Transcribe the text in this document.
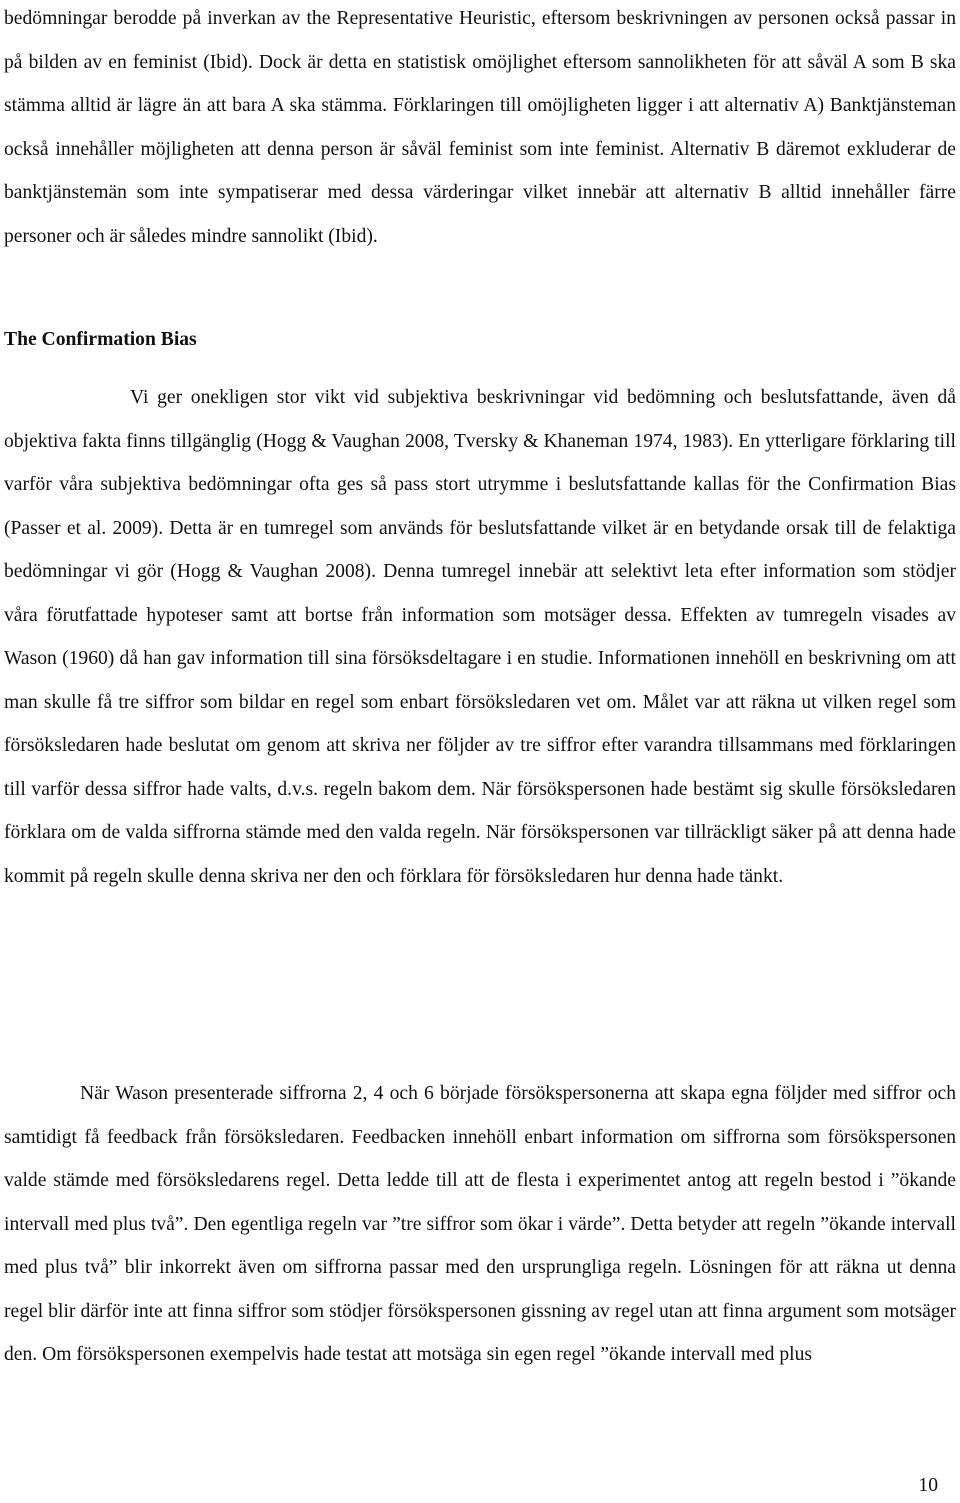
bedömningar berodde på inverkan av the Representative Heuristic, eftersom beskrivningen av personen också passar in på bilden av en feminist (Ibid). Dock är detta en statistisk omöjlighet eftersom sannolikheten för att såväl A som B ska stämma alltid är lägre än att bara A ska stämma. Förklaringen till omöjligheten ligger i att alternativ A) Banktjänsteman också innehåller möjligheten att denna person är såväl feminist som inte feminist. Alternativ B däremot exkluderar de banktjänstemän som inte sympatiserar med dessa värderingar vilket innebär att alternativ B alltid innehåller färre personer och är således mindre sannolikt (Ibid).

The Confirmation Bias

Vi ger onekligen stor vikt vid subjektiva beskrivningar vid bedömning och beslutsfattande, även då objektiva fakta finns tillgänglig (Hogg & Vaughan 2008, Tversky & Khaneman 1974, 1983). En ytterligare förklaring till varför våra subjektiva bedömningar ofta ges så pass stort utrymme i beslutsfattande kallas för the Confirmation Bias (Passer et al. 2009). Detta är en tumregel som används för beslutsfattande vilket är en betydande orsak till de felaktiga bedömningar vi gör (Hogg & Vaughan 2008). Denna tumregel innebär att selektivt leta efter information som stödjer våra förutfattade hypoteser samt att bortse från information som motsäger dessa. Effekten av tumregeln visades av Wason (1960) då han gav information till sina försöksdeltagare i en studie. Informationen innehöll en beskrivning om att man skulle få tre siffror som bildar en regel som enbart försöksledaren vet om. Målet var att räkna ut vilken regel som försöksledaren hade beslutat om genom att skriva ner följder av tre siffror efter varandra tillsammans med förklaringen till varför dessa siffror hade valts, d.v.s. regeln bakom dem. När försökspersonen hade bestämt sig skulle försöksledaren förklara om de valda siffrorna stämde med den valda regeln. När försökspersonen var tillräckligt säker på att denna hade kommit på regeln skulle denna skriva ner den och förklara för försöksledaren hur denna hade tänkt.

När Wason presenterade siffrorna 2, 4 och 6 började försökspersonerna att skapa egna följder med siffror och samtidigt få feedback från försöksledaren. Feedbacken innehöll enbart information om siffrorna som försökspersonen valde stämde med försöksledarens regel. Detta ledde till att de flesta i experimentet antog att regeln bestod i ”ökande intervall med plus två”. Den egentliga regeln var ”tre siffror som ökar i värde”. Detta betyder att regeln ”ökande intervall med plus två” blir inkorrekt även om siffrorna passar med den ursprungliga regeln. Lösningen för att räkna ut denna regel blir därför inte att finna siffror som stödjer försökspersonen gissning av regel utan att finna argument som motsäger den. Om försökspersonen exempelvis hade testat att motsäga sin egen regel ”ökande intervall med plus

10
